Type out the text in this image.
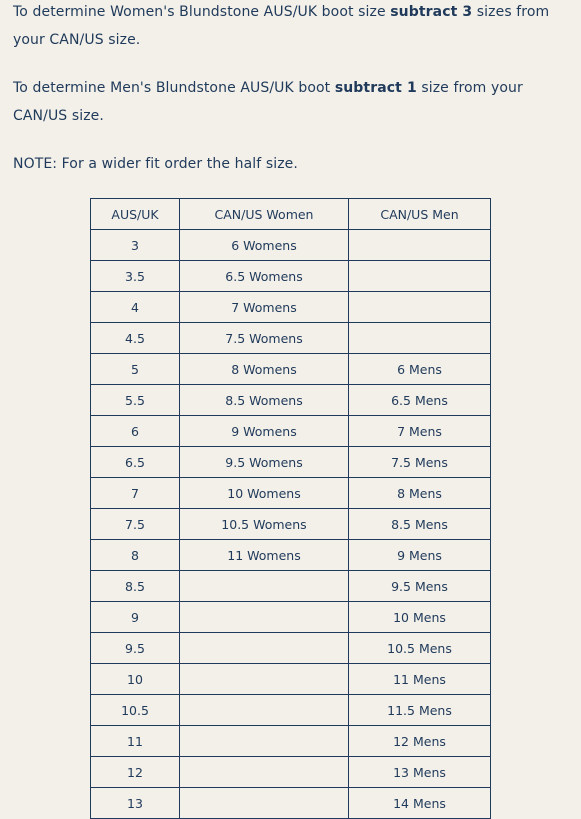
To determine Women's Blundstone AUS/UK boot size subtract 3 sizes from your CAN/US size.

To determine Men's Blundstone AUS/UK boot subtract 1 size from your CAN/US size.

NOTE: For a wider fit order the half size.

AUS/UK	CAN/US Women	CAN/US Men
3	6 Womens	
3.5	6.5 Womens	
4	7 Womens	
4.5	7.5 Womens	
5	8 Womens	6 Mens
5.5	8.5 Womens	6.5 Mens
6	9 Womens	7 Mens
6.5	9.5 Womens	7.5 Mens
7	10 Womens	8 Mens
7.5	10.5 Womens	8.5 Mens
8	11 Womens	9 Mens
8.5		9.5 Mens
9		10 Mens
9.5		10.5 Mens
10		11 Mens
10.5		11.5 Mens
11		12 Mens
12		13 Mens
13		14 Mens
